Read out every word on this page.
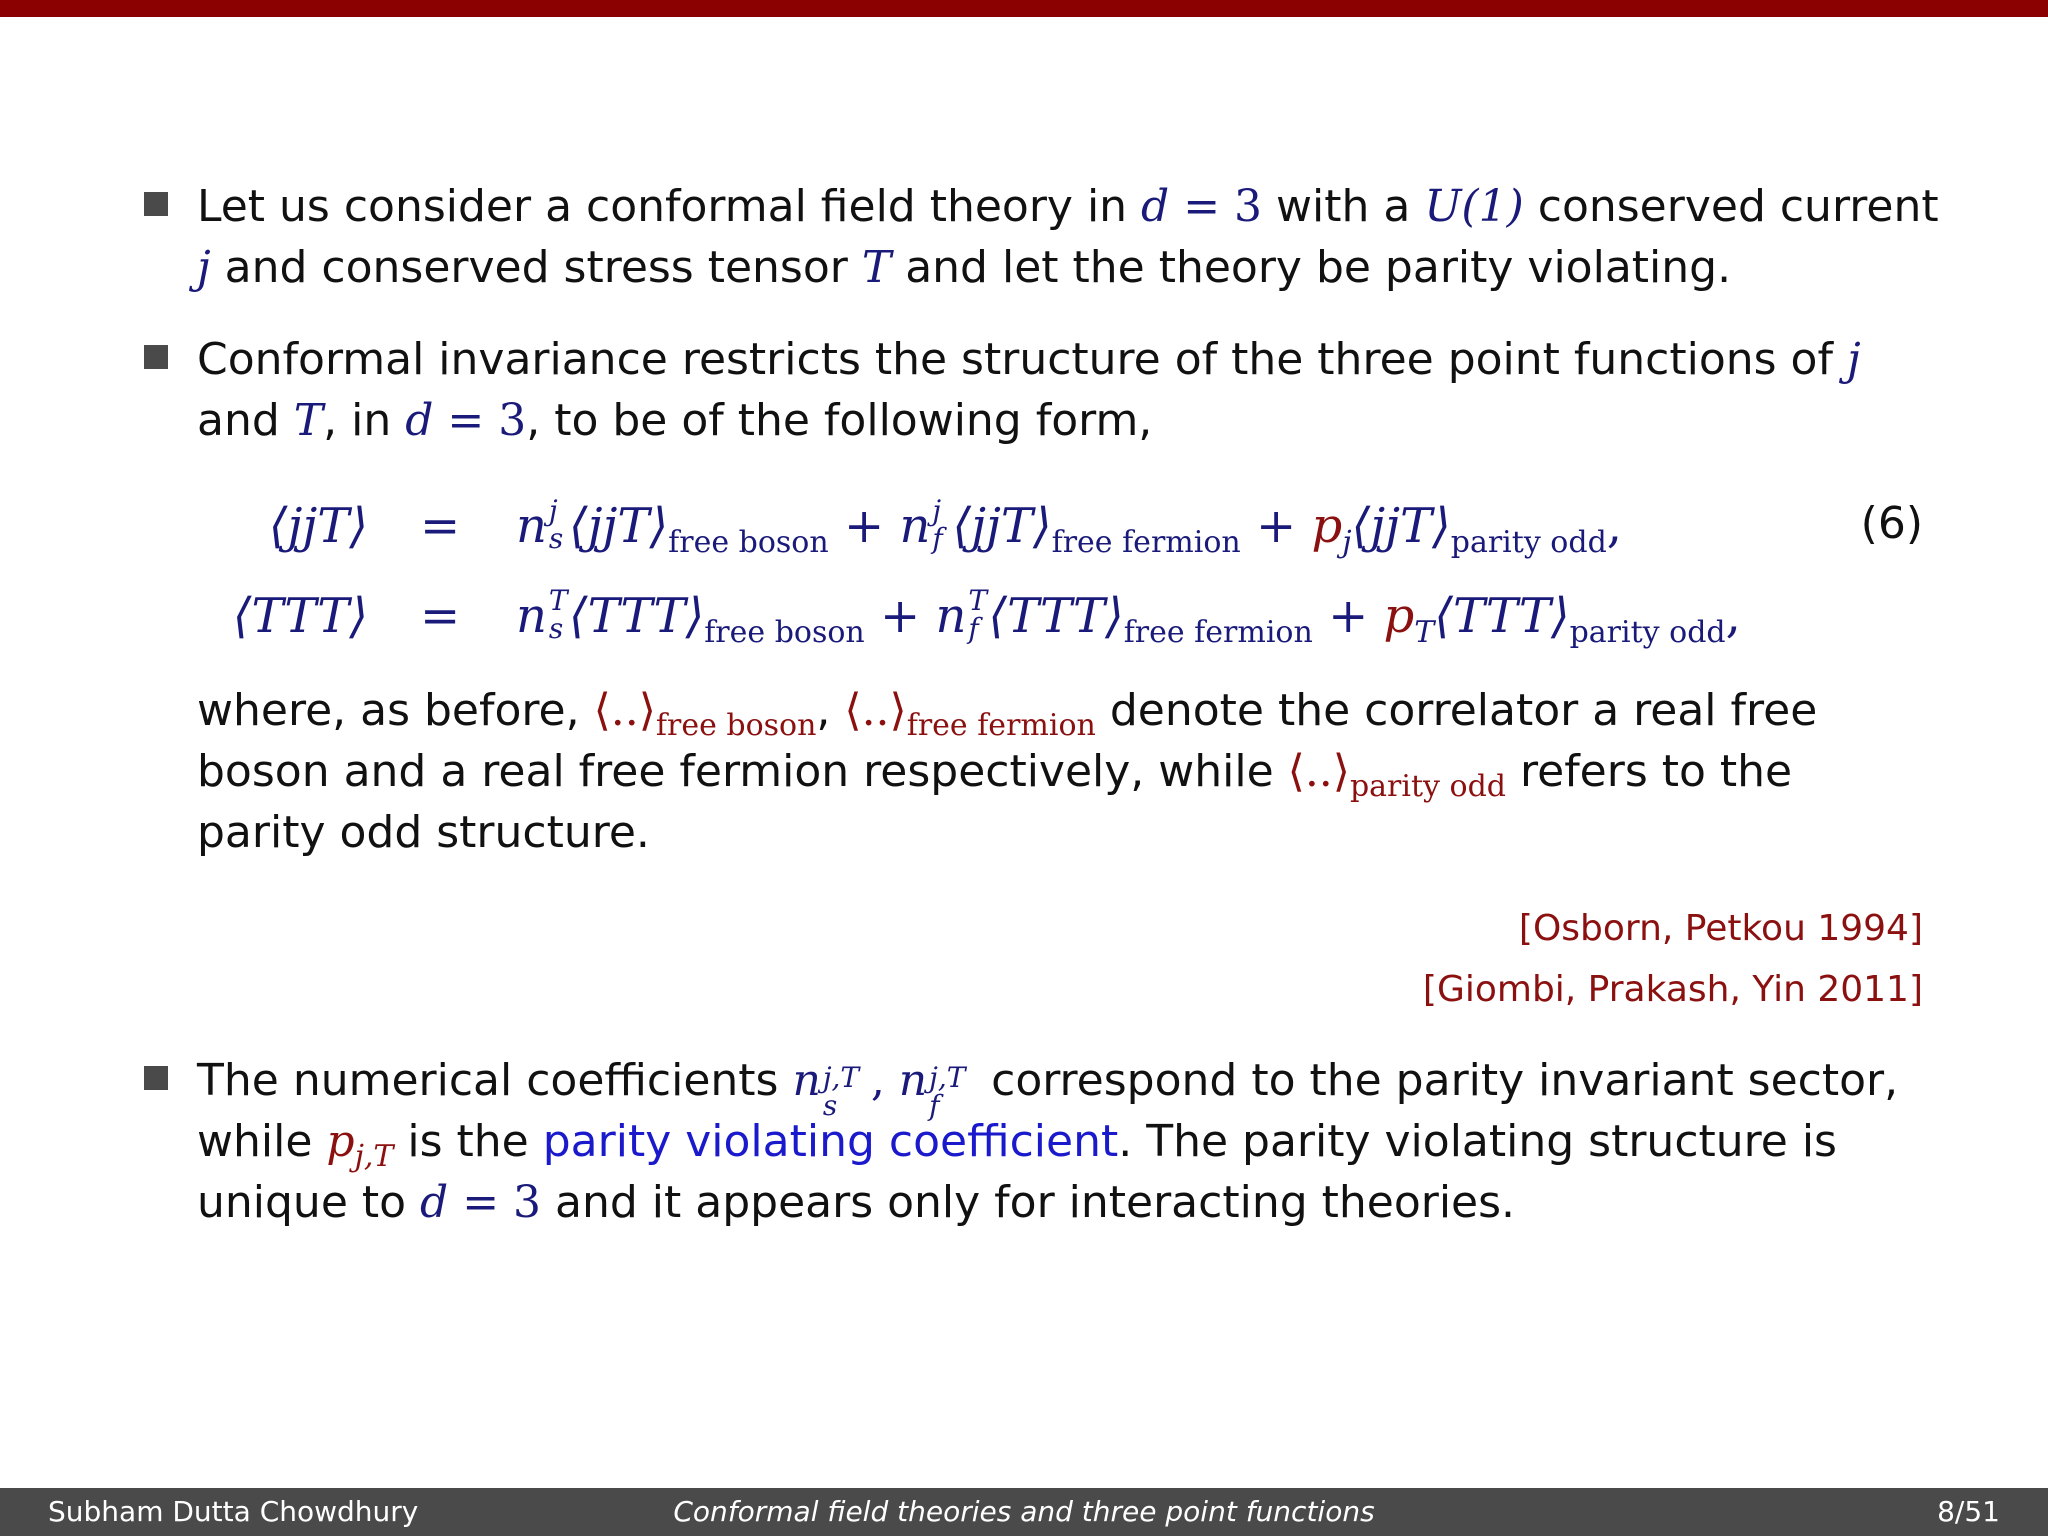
Let us consider a conformal field theory in d = 3 with a U(1) conserved current
j and conserved stress tensor T and let the theory be parity violating.
Conformal invariance restricts the structure of the three point functions of j
and T, in d = 3, to be of the following form,
⟨jjT⟩ = n j
s $⟨jjT⟩_{free boson} + n$ j
f $⟨jjT⟩_{free fermion}$ + $p_j⟨jjT⟩_{parity odd}$,	(6)
⟨TTT⟩ = n T
s $⟨TTT⟩_{free boson} + n$ T
f $⟨TTT⟩_{free fermion}$ + $p_T⟨TTT⟩_{parity odd}$,
where, as before, $⟨..⟩_{free boson}$, $⟨..⟩_{free fermion}$ denote the correlator a real free
boson and a real free fermion respectively, while $⟨..⟩_{parity odd}$ refers to the
parity odd structure.
[Osborn, Petkou 1994]
[Giombi, Prakash, Yin 2011]
The numerical coefficients n j,T
s , n j,T
f correspond to the parity invariant sector,
while $p_{j,T}$ is the parity violating coefficient. The parity violating structure is
unique to d = 3 and it appears only for interacting theories.
Subham Dutta Chowdhury	Conformal field theories and three point functions	8/51
